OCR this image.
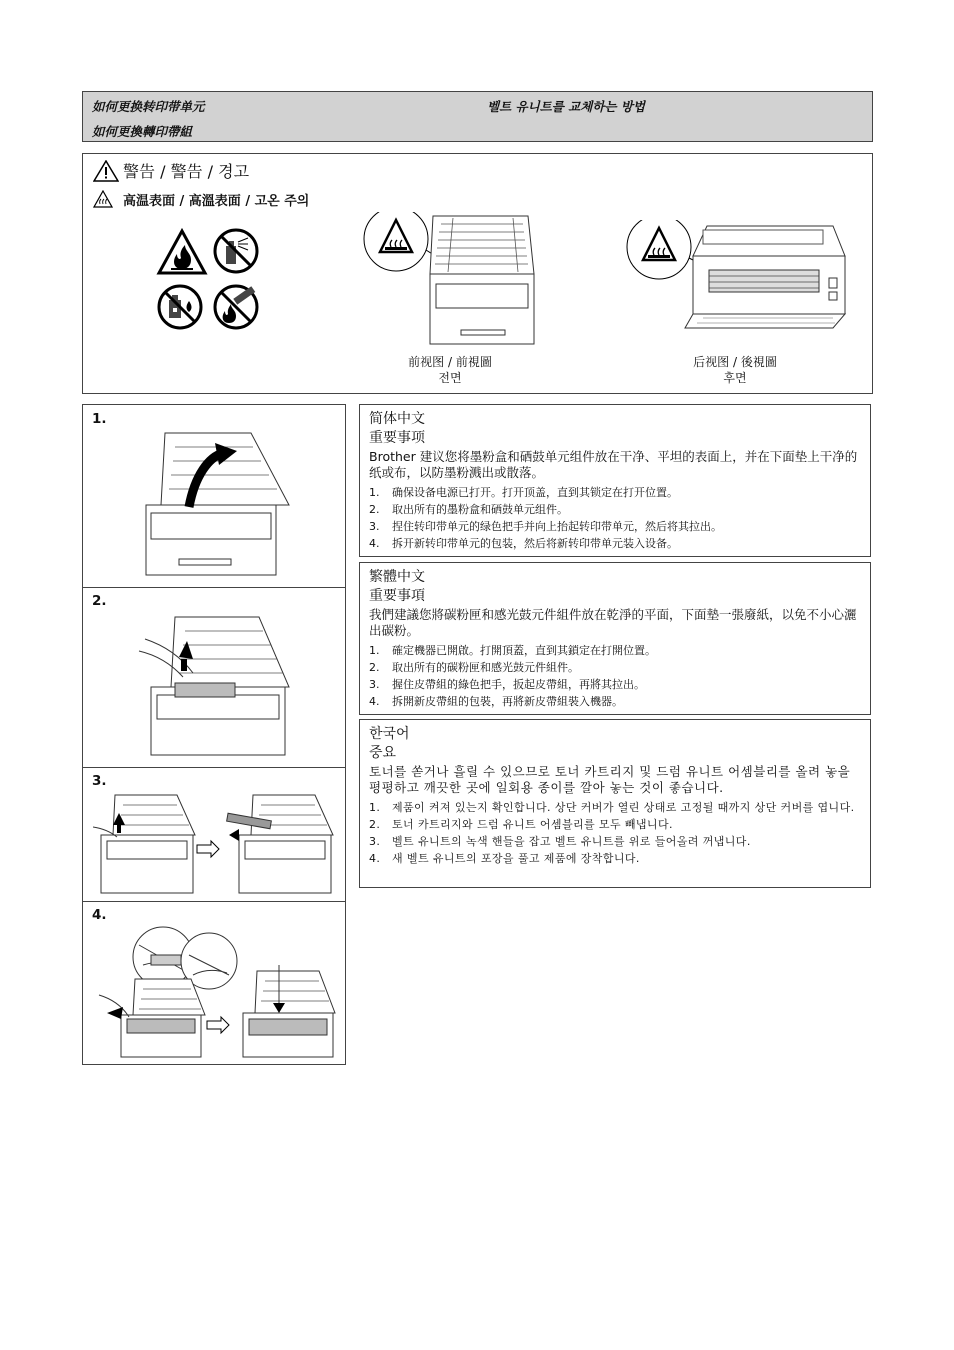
如何更换转印带单元
如何更換轉印帶組
벨트 유니트를 교체하는 방법
警告 / 警告 / 경고
高温表面 / 高溫表面 / 고온 주의
前视图 / 前視圖
전면
后视图 / 後視圖
후면
1.
2.
3.
4.
简体中文
重要事项
Brother 建议您将墨粉盒和硒鼓单元组件放在干净、平坦的表面上，并在下面垫上干净的纸或布，以防墨粉溅出或散落。
1. 确保设备电源已打开。打开顶盖，直到其锁定在打开位置。
2. 取出所有的墨粉盒和硒鼓单元组件。
3. 捏住转印带单元的绿色把手并向上抬起转印带单元，然后将其拉出。
4. 拆开新转印带单元的包装，然后将新转印带单元装入设备。
繁體中文
重要事項
我們建議您將碳粉匣和感光鼓元件組件放在乾淨的平面，下面墊一張廢紙，以免不小心灑出碳粉。
1. 確定機器已開啟。打開頂蓋，直到其鎖定在打開位置。
2. 取出所有的碳粉匣和感光鼓元件組件。
3. 握住皮帶組的綠色把手，扳起皮帶組，再將其拉出。
4. 拆開新皮帶組的包裝，再將新皮帶組裝入機器。
한국어
중요
토너를 쏟거나 흘릴 수 있으므로 토너 카트리지 및 드럼 유니트 어셈블리를 올려 놓을 평평하고 깨끗한 곳에 일회용 종이를 깔아 놓는 것이 좋습니다.
1. 제품이 켜져 있는지 확인합니다. 상단 커버가 열린 상태로 고정될 때까지 상단 커버를 엽니다.
2. 토너 카트리지와 드럼 유니트 어셈블리를 모두 빼냅니다.
3. 벨트 유니트의 녹색 핸들을 잡고 벨트 유니트를 위로 들어올려 꺼냅니다.
4. 새 벨트 유니트의 포장을 풀고 제품에 장착합니다.
